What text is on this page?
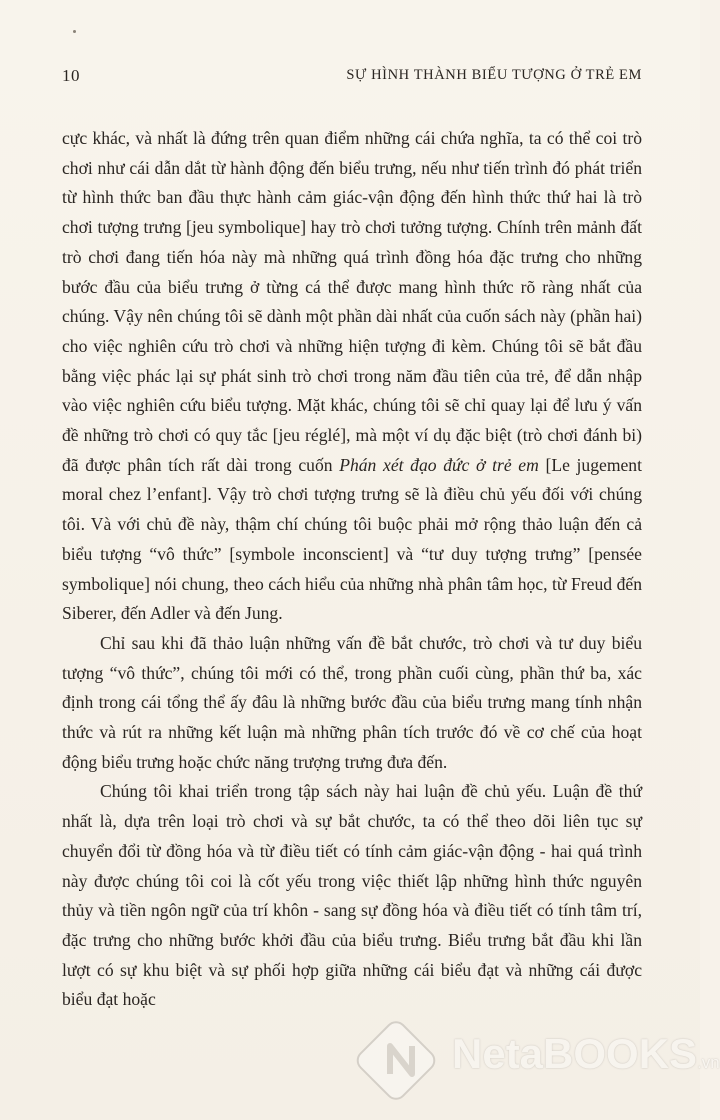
10	SỰ HÌNH THÀNH BIỂU TƯỢNG Ở TRẺ EM

cực khác, và nhất là đứng trên quan điểm những cái chứa nghĩa, ta có thể coi trò chơi như cái dẫn dắt từ hành động đến biểu trưng, nếu như tiến trình đó phát triển từ hình thức ban đầu thực hành cảm giác-vận động đến hình thức thứ hai là trò chơi tượng trưng [jeu symbolique] hay trò chơi tưởng tượng. Chính trên mảnh đất trò chơi đang tiến hóa này mà những quá trình đồng hóa đặc trưng cho những bước đầu của biểu trưng ở từng cá thể được mang hình thức rõ ràng nhất của chúng. Vậy nên chúng tôi sẽ dành một phần dài nhất của cuốn sách này (phần hai) cho việc nghiên cứu trò chơi và những hiện tượng đi kèm. Chúng tôi sẽ bắt đầu bằng việc phác lại sự phát sinh trò chơi trong năm đầu tiên của trẻ, để dẫn nhập vào việc nghiên cứu biểu tượng. Mặt khác, chúng tôi sẽ chỉ quay lại để lưu ý vấn đề những trò chơi có quy tắc [jeu réglé], mà một ví dụ đặc biệt (trò chơi đánh bi) đã được phân tích rất dài trong cuốn Phán xét đạo đức ở trẻ em [Le jugement moral chez l’enfant]. Vậy trò chơi tượng trưng sẽ là điều chủ yếu đối với chúng tôi. Và với chủ đề này, thậm chí chúng tôi buộc phải mở rộng thảo luận đến cả biểu tượng “vô thức” [symbole inconscient] và “tư duy tượng trưng” [pensée symbolique] nói chung, theo cách hiểu của những nhà phân tâm học, từ Freud đến Siberer, đến Adler và đến Jung.

Chỉ sau khi đã thảo luận những vấn đề bắt chước, trò chơi và tư duy biểu tượng “vô thức”, chúng tôi mới có thể, trong phần cuối cùng, phần thứ ba, xác định trong cái tổng thể ấy đâu là những bước đầu của biểu trưng mang tính nhận thức và rút ra những kết luận mà những phân tích trước đó về cơ chế của hoạt động biểu trưng hoặc chức năng trượng trưng đưa đến.

Chúng tôi khai triển trong tập sách này hai luận đề chủ yếu. Luận đề thứ nhất là, dựa trên loại trò chơi và sự bắt chước, ta có thể theo dõi liên tục sự chuyển đổi từ đồng hóa và từ điều tiết có tính cảm giác-vận động - hai quá trình này được chúng tôi coi là cốt yếu trong việc thiết lập những hình thức nguyên thủy và tiền ngôn ngữ của trí khôn - sang sự đồng hóa và điều tiết có tính tâm trí, đặc trưng cho những bước khởi đầu của biểu trưng. Biểu trưng bắt đầu khi lần lượt có sự khu biệt và sự phối hợp giữa những cái biểu đạt và những cái được biểu đạt hoặc

NetaBOOKS.vn
